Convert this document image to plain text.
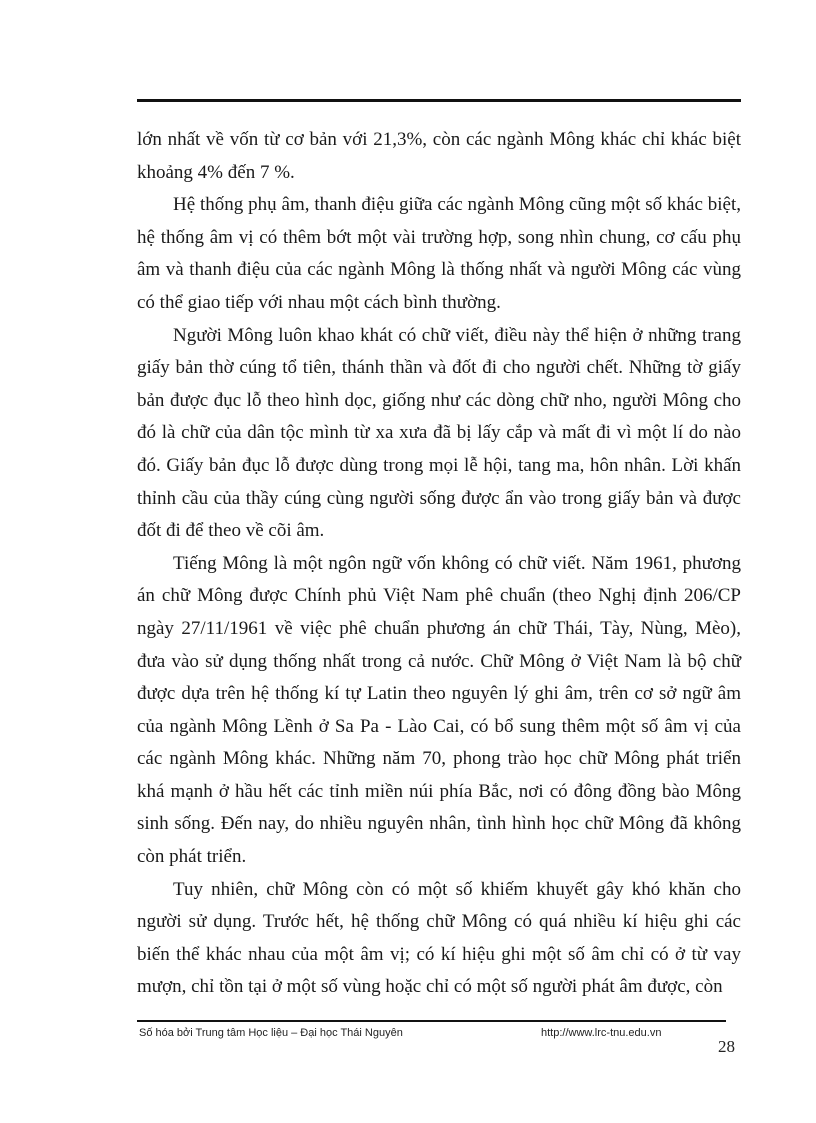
lớn nhất về vốn từ cơ bản với 21,3%, còn các ngành Mông khác chỉ khác biệt khoảng 4% đến 7 %.

Hệ thống phụ âm, thanh điệu giữa các ngành Mông cũng một số khác biệt, hệ thống âm vị có thêm bớt một vài trường hợp, song nhìn chung, cơ cấu phụ âm và thanh điệu của các ngành Mông là thống nhất và người Mông các vùng có thể giao tiếp với nhau một cách bình thường.

Người Mông luôn khao khát có chữ viết, điều này thể hiện ở những trang giấy bản thờ cúng tổ tiên, thánh thần và đốt đi cho người chết. Những tờ giấy bản được đục lỗ theo hình dọc, giống như các dòng chữ nho, người Mông cho đó là chữ của dân tộc mình từ xa xưa đã bị lấy cắp và mất đi vì một lí do nào đó. Giấy bản đục lỗ được dùng trong mọi lễ hội, tang ma, hôn nhân. Lời khấn thỉnh cầu của thầy cúng cùng người sống được ẩn vào trong giấy bản và được đốt đi để theo về cõi âm.

Tiếng Mông là một ngôn ngữ vốn không có chữ viết. Năm 1961, phương án chữ Mông được Chính phủ Việt Nam phê chuẩn (theo Nghị định 206/CP ngày 27/11/1961 về việc phê chuẩn phương án chữ Thái, Tày, Nùng, Mèo), đưa vào sử dụng thống nhất trong cả nước. Chữ Mông ở Việt Nam là bộ chữ được dựa trên hệ thống kí tự Latin theo nguyên lý ghi âm, trên cơ sở ngữ âm của ngành Mông Lềnh ở Sa Pa - Lào Cai, có bổ sung thêm một số âm vị của các ngành Mông khác. Những năm 70, phong trào học chữ Mông phát triển khá mạnh ở hầu hết các tỉnh miền núi phía Bắc, nơi có đông đồng bào Mông sinh sống. Đến nay, do nhiều nguyên nhân, tình hình học chữ Mông đã không còn phát triển.

Tuy nhiên, chữ Mông còn có một số khiếm khuyết gây khó khăn cho người sử dụng. Trước hết, hệ thống chữ Mông có quá nhiều kí hiệu ghi các biến thể khác nhau của một âm vị; có kí hiệu ghi một số âm chỉ có ở từ vay mượn, chỉ tồn tại ở một số vùng hoặc chỉ có một số người phát âm được, còn

Số hóa bởi Trung tâm Học liệu – Đại học Thái Nguyên	http://www.lrc-tnu.edu.vn
28
